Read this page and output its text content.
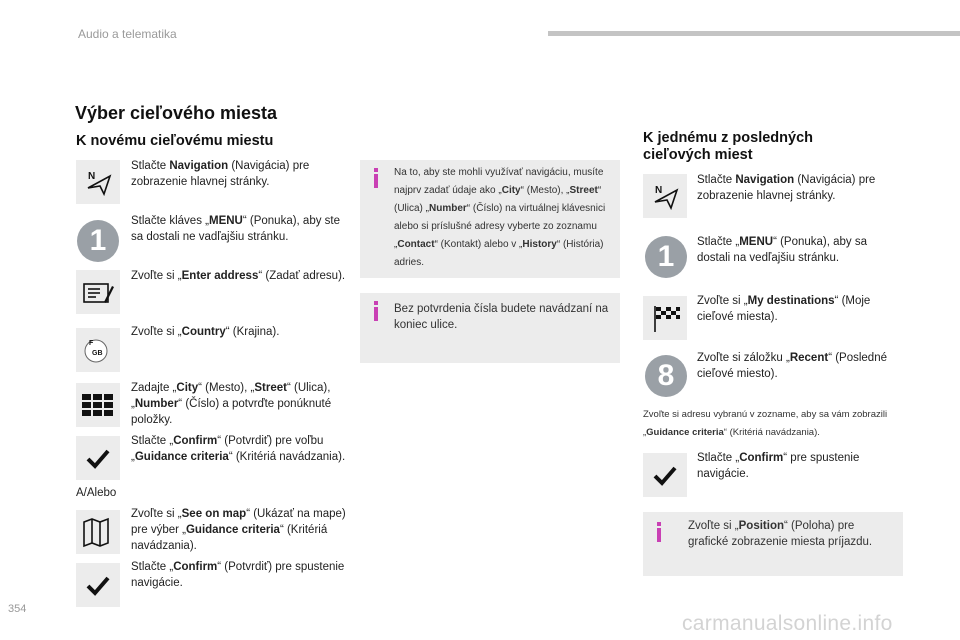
Audio a telematika
Výber cieľového miesta
K novému cieľovému miestu
N
Stlačte Navigation (Navigácia) pre zobrazenie hlavnej stránky.
1
Stlačte kláves „MENU“ (Ponuka), aby ste sa dostali ne vadľajšiu stránku.
Zvoľte si „Enter address“ (Zadať adresu).
F
GB
Zvoľte si „Country“ (Krajina).
Zadajte „City“ (Mesto), „Street“ (Ulica), „Number“ (Číslo) a potvrďte ponúknuté položky.
Stlačte „Confirm“ (Potvrdiť) pre voľbu „Guidance criteria“ (Kritériá navádzania).
A/Alebo
Zvoľte si „See on map“ (Ukázať na mape) pre výber „Guidance criteria“ (Kritériá navádzania).
Stlačte „Confirm“ (Potvrdiť) pre spustenie navigácie.
Na to, aby ste mohli využívať navigáciu, musíte najprv zadať údaje ako „City“ (Mesto), „Street“ (Ulica) „Number“ (Číslo) na virtuálnej klávesnici alebo si príslušné adresy vyberte zo zoznamu „Contact“ (Kontakt) alebo v „History“ (História) adries.
Bez potvrdenia čísla budete navádzaní na koniec ulice.
K jednému z posledných
cieľových miest
N
Stlačte Navigation (Navigácia) pre zobrazenie hlavnej stránky.
1	Stlačte „MENU“ (Ponuka), aby sa dostali na vedľajšiu stránku.
Zvoľte si „My destinations“ (Moje cieľové miesta).
8
Zvoľte si záložku „Recent“ (Posledné cieľové miesto).
Zvoľte si adresu vybranú v zozname, aby sa vám zobrazili „Guidance criteria“ (Kritériá navádzania).
Stlačte „Confirm“ pre spustenie navigácie.
Zvoľte si „Position“ (Poloha) pre grafické zobrazenie miesta príjazdu.
354
carmanualsonline.info
